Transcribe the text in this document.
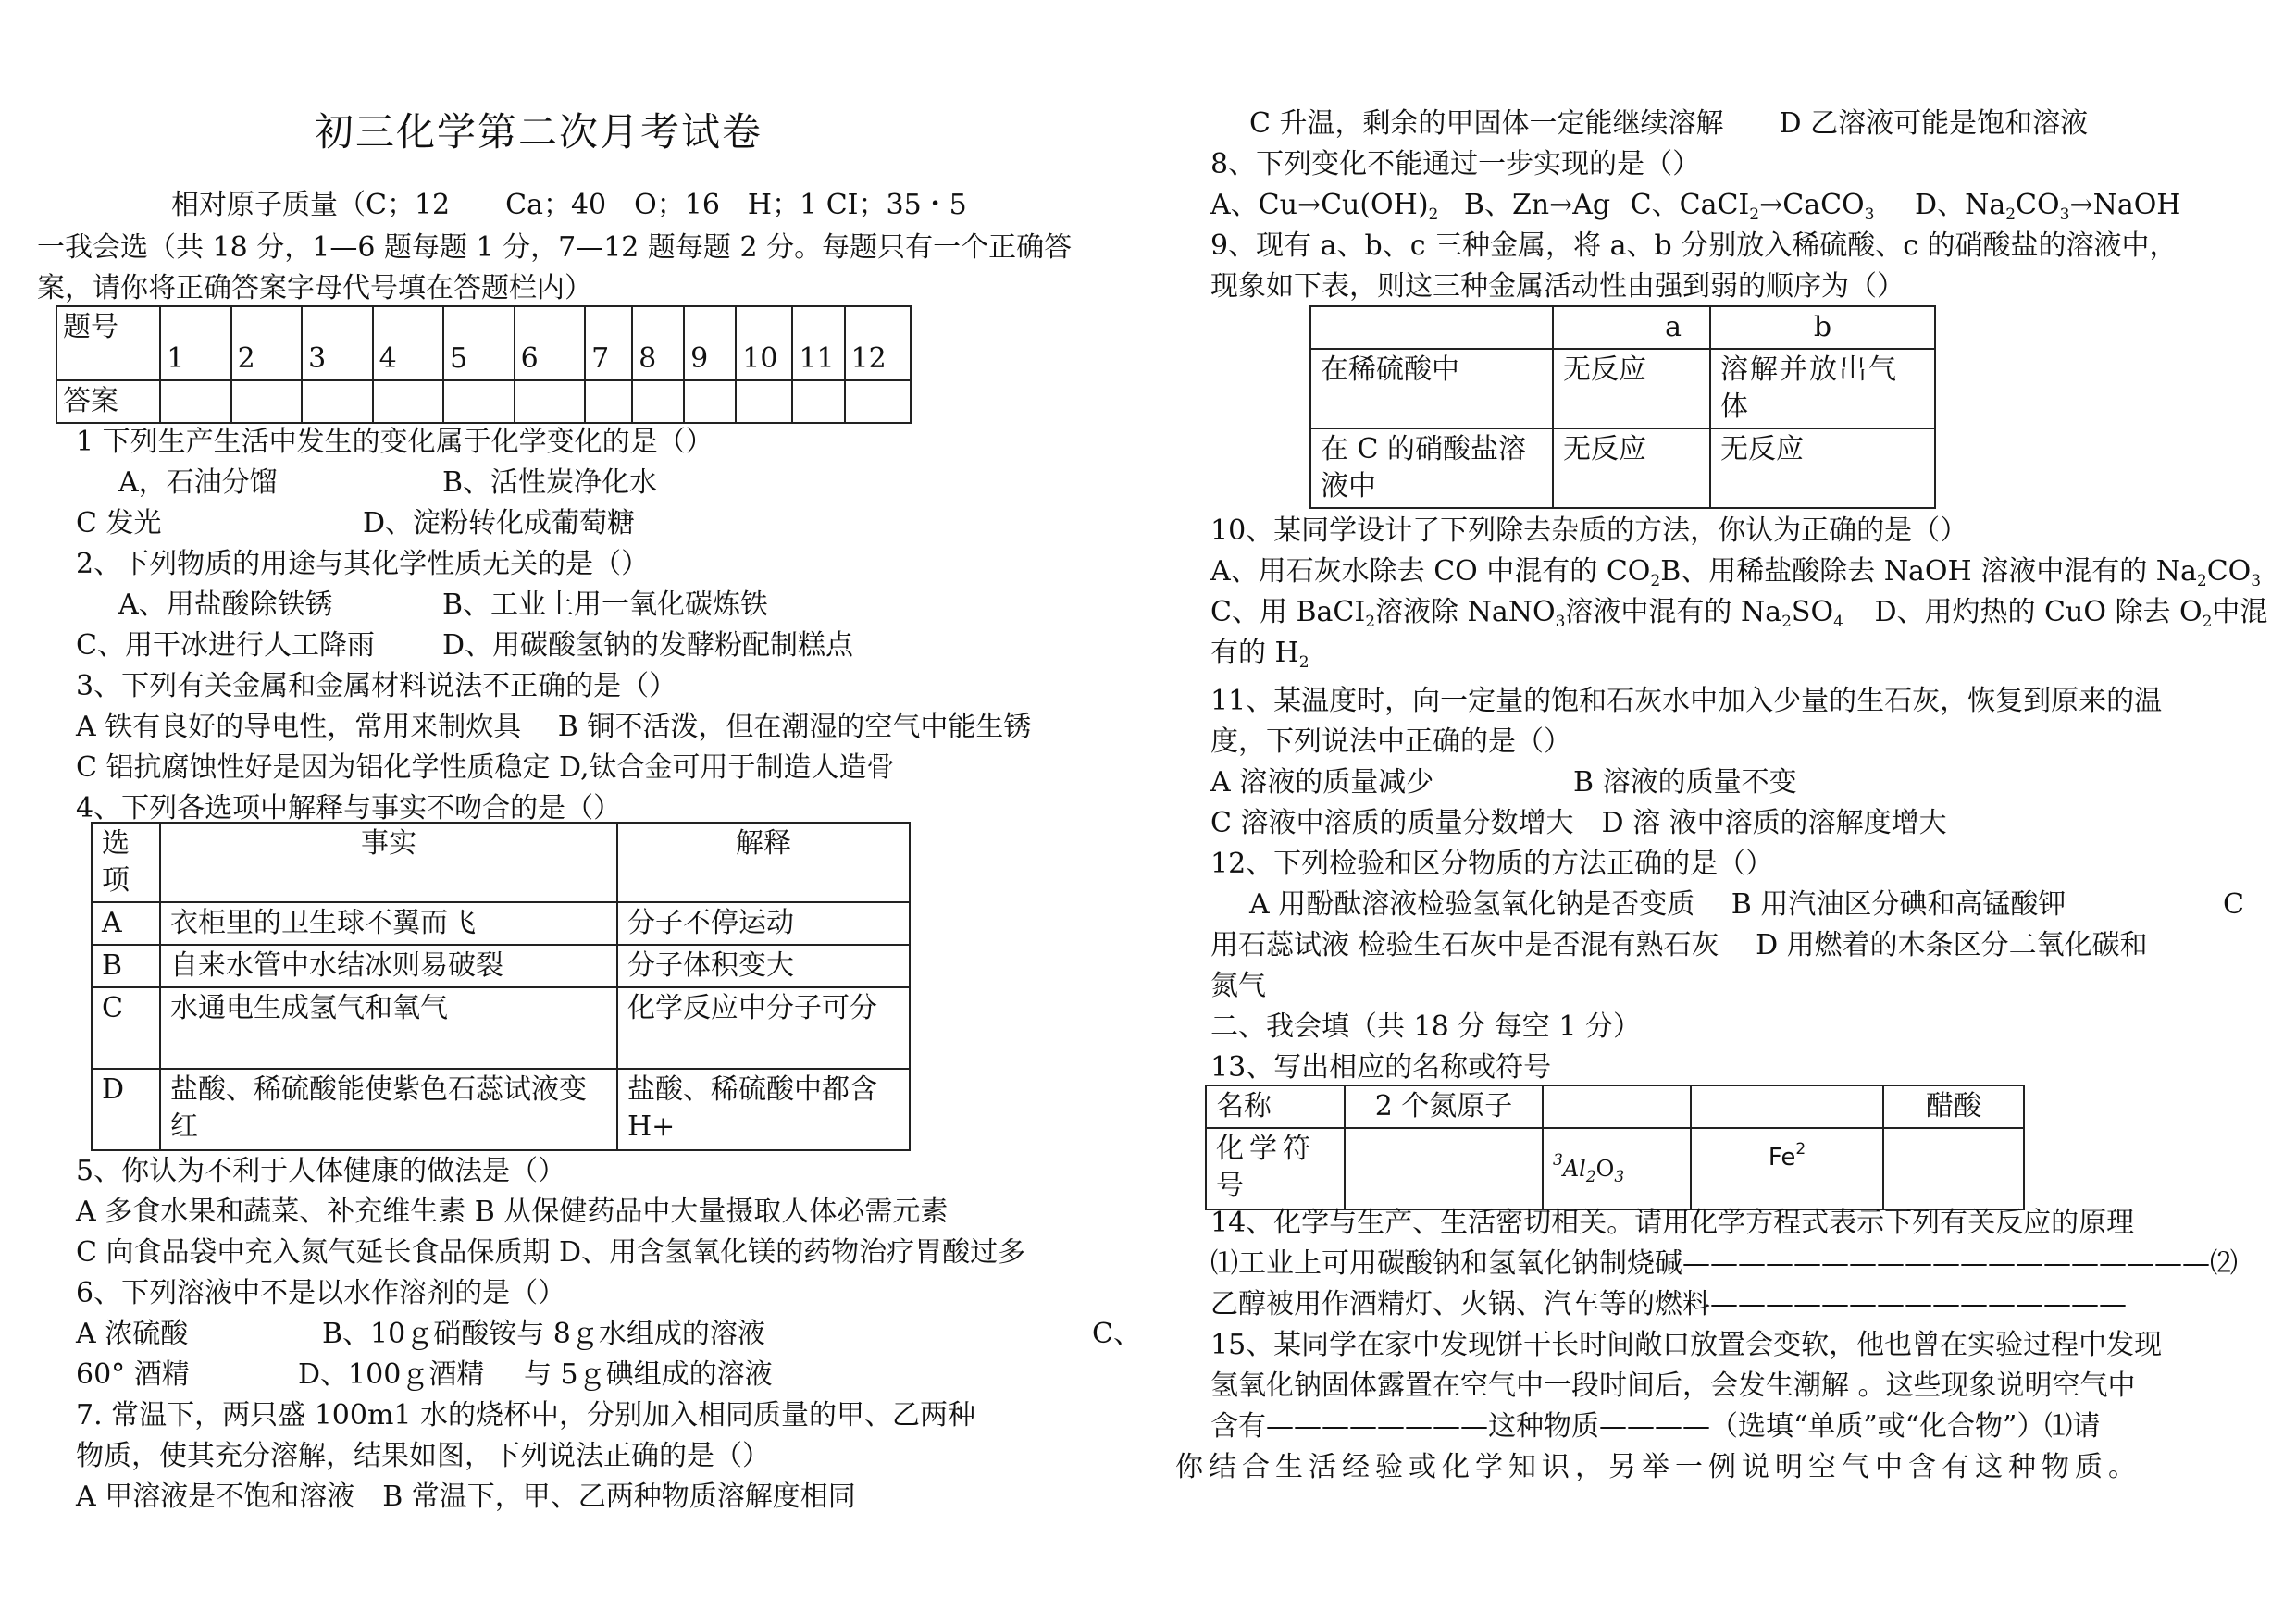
初三化学第二次月考试卷
相对原子质量（C；12　　Ca；40　O；16　H；1 CI；35・5
一我会选（共 18 分，1—6 题每题 1 分，7—12 题每题 2 分。每题只有一个正确答
案，请你将正确答案字母代号填在答题栏内）
题号	1	2	3	4	5	6	7	8	9	10	11	12
答案												
1 下列生产生活中发生的变化属于化学变化的是（）
A，石油分馏	B、活性炭净化水
C 发光	D、淀粉转化成葡萄糖
2、下列物质的用途与其化学性质无关的是（）
A、用盐酸除铁锈	B、工业上用一氧化碳炼铁
C、用干冰进行人工降雨 D、用碳酸氢钠的发酵粉配制糕点
3、下列有关金属和金属材料说法不正确的是（）
A 铁有良好的导电性，常用来制炊具　 B 铜不活泼，但在潮湿的空气中能生锈
C 铝抗腐蚀性好是因为铝化学性质稳定 D,钛合金可用于制造人造骨
4、下列各选项中解释与事实不吻合的是（）
选项	事实	解释
A	衣柜里的卫生球不翼而飞	分子不停运动
B	自来水管中水结冰则易破裂	分子体积变大
C	水通电生成氢气和氧气	化学反应中分子可分
D	盐酸、稀硫酸能使紫色石蕊试液变红	盐酸、稀硫酸中都含H+
5、你认为不利于人体健康的做法是（）
A 多食水果和蔬菜、补充维生素 B 从保健药品中大量摄取人体必需元素
C 向食品袋中充入氮气延长食品保质期 D、用含氢氧化镁的药物治疗胃酸过多
6、下列溶液中不是以水作溶剂的是（）
A 浓硫酸	B、10ｇ硝酸铵与 8ｇ水组成的溶液	C、
60° 酒精	D、100ｇ酒精 与 5ｇ碘组成的溶液
7. 常温下，两只盛 100m1 水的烧杯中，分别加入相同质量的甲、乙两种
物质，使其充分溶解，结果如图，下列说法正确的是（）
A 甲溶液是不饱和溶液　B 常温下，甲、乙两种物质溶解度相同
C 升温，剩余的甲固体一定能继续溶解　　D 乙溶液可能是饱和溶液
8、下列变化不能通过一步实现的是（）
A、$Cu\to Cu(OH)_2$ B、Zn→Ag C、CaCI$_2$→CaCO$_3$ D、$Na_2CO_3\to NaOH$
9、现有 a、b、c 三种金属，将 a、b 分别放入稀硫酸、c 的硝酸盐的溶液中，
现象如下表，则这三种金属活动性由强到弱的顺序为（）
	a	b
在稀硫酸中	无反应	溶解并放出气体
在 C 的硝酸盐溶液中	无反应	无反应
10、某同学设计了下列除去杂质的方法，你认为正确的是（）
A、用石灰水除去 CO 中混有的 $CO_2B$、用稀盐酸除去 NaOH 溶液中混有的 $Na_2CO_3$
C、用 BaCI$_2$溶液除 NaNO$_3$溶液中混有的 $Na_2SO_4$ D、用灼热的 CuO 除去 $O_2$中混
有的 $H_2$
11、某温度时，向一定量的饱和石灰水中加入少量的生石灰，恢复到原来的温
度，下列说法中正确的是（）
A 溶液的质量减少	B 溶液的质量不变
C 溶液中溶质的质量分数增大　D 溶 液中溶质的溶解度增大
12、下列检验和区分物质的方法正确的是（）
A 用酚酞溶液检验氢氧化钠是否变质　 B 用汽油区分碘和高锰酸钾	C
用石蕊试液 检验生石灰中是否混有熟石灰　 D 用燃着的木条区分二氧化碳和
氮气
二、我会填（共 18 分 每空 1 分）
13、写出相应的名称或符号
名称	2 个氮原子			醋酸
化学符号		$^3Al_2O_3$	Fe$^2$	
14、化学与生产、生活密切相关。请用化学方程式表示下列有关反应的原理
⑴工业上可用碳酸钠和氢氧化钠制烧碱———————————————————⑵
乙醇被用作酒精灯、火锅、汽车等的燃料———————————————
15、某同学在家中发现饼干长时间敞口放置会变软，他也曾在实验过程中发现
氢氧化钠固体露置在空气中一段时间后，会发生潮解 。这些现象说明空气中
含有————————这种物质————（选填“单质”或“化合物”）⑴请
你结合生活经验或化学知识，另举一例说明空气中含有这种物质。
